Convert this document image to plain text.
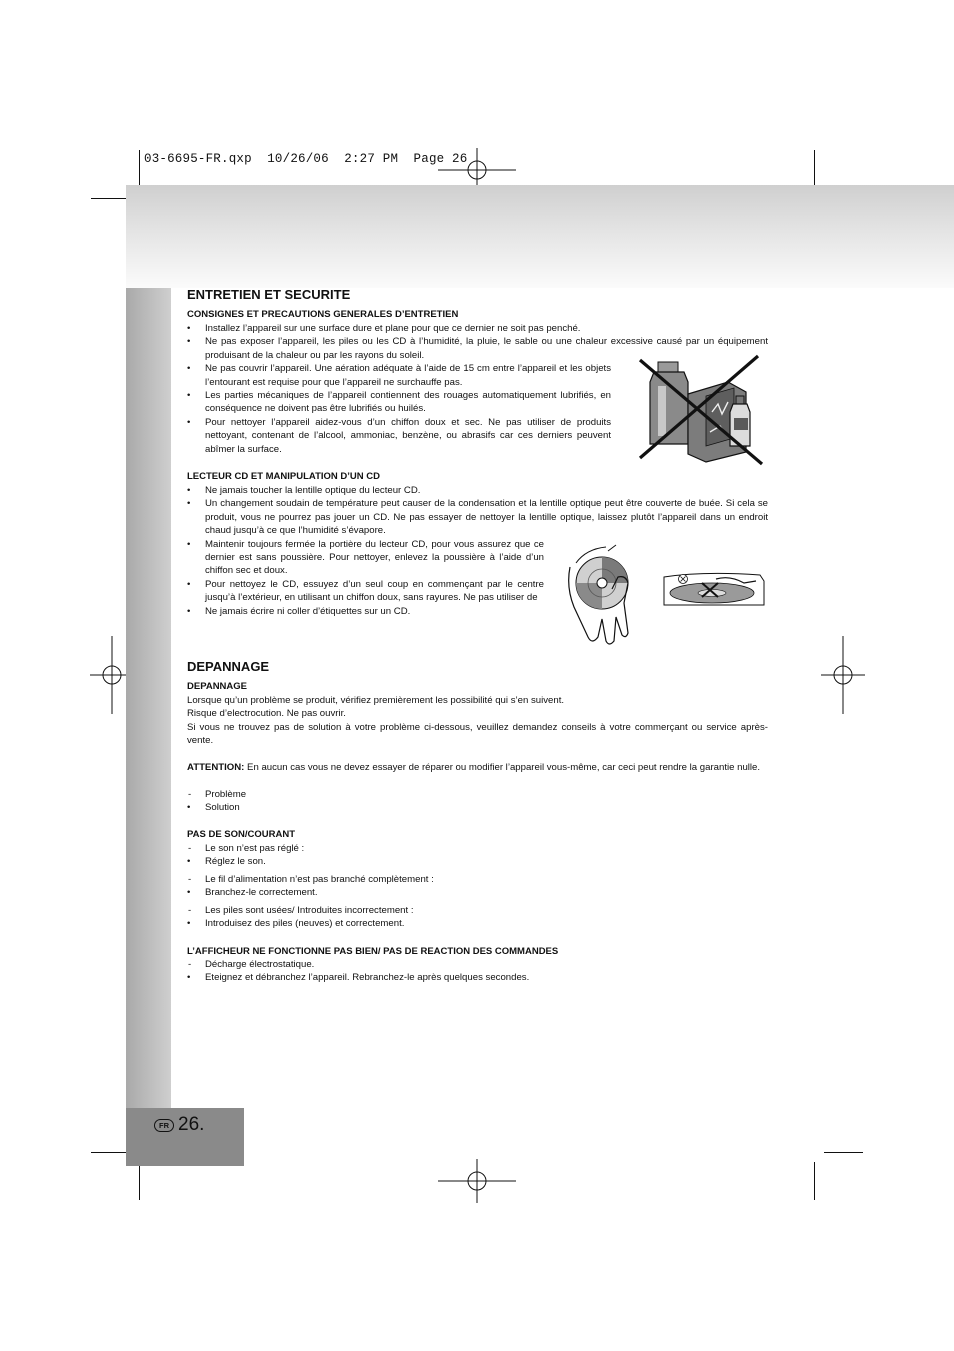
03-6695-FR.qxp  10/26/06  2:27 PM  Page 26
FR 26.
ENTRETIEN ET SECURITE
CONSIGNES ET PRECAUTIONS GENERALES D’ENTRETIEN
• Installez l’appareil sur une surface dure et plane pour que ce dernier ne soit pas penché.
• Ne pas exposer l’appareil, les piles ou les CD à l’humidité, la pluie, le sable ou une chaleur excessive causé par un équipement produisant de la chaleur ou par les rayons du soleil.
• Ne pas couvrir l’appareil. Une aération adéquate à l’aide de 15 cm entre l’appareil et les objets l’entourant est requise pour que l’appareil ne surchauffe pas.
• Les parties mécaniques de l’appareil contiennent des rouages automatiquement lubrifiés, en conséquence ne doivent pas être lubrifiés ou huilés.
• Pour nettoyer l’appareil aidez-vous d’un chiffon doux et sec. Ne pas utiliser de produits nettoyant, contenant de l’alcool, ammoniac, benzène, ou abrasifs car ces derniers peuvent abîmer la surface.
LECTEUR CD ET MANIPULATION D’UN CD
• Ne jamais toucher la lentille optique du lecteur CD.
• Un changement soudain de température peut causer de la condensation et la lentille optique peut être couverte de buée. Si cela se produit, vous ne pourrez pas jouer un CD. Ne pas essayer de nettoyer la lentille optique, laissez plutôt l’appareil dans un endroit chaud jusqu’à ce que l’humidité s’évapore.
• Maintenir toujours fermée la portière du lecteur CD, pour vous assurez que ce dernier est sans poussière. Pour nettoyer, enlevez la poussière à l’aide d’un chiffon sec et doux.
• Pour nettoyez le CD, essuyez d’un seul coup en commençant par le centre jusqu’à l’extérieur, en utilisant un chiffon doux, sans rayures. Ne pas utiliser de
• Ne jamais écrire ni coller d’étiquettes sur un CD.
DEPANNAGE
DEPANNAGE

Lorsque qu’un problème se produit, vérifiez premièrement les possibilité qui s’en suivent.

Risque d’electrocution. Ne pas ouvrir.

Si vous ne trouvez pas de solution à votre problème ci-dessous, veuillez demandez conseils à votre commerçant ou service après-vente.

ATTENTION: En aucun cas vous ne devez essayer de réparer ou modifier l’appareil vous-même, car ceci peut rendre la garantie nulle.

- Problème
• Solution
PAS DE SON/COURANT
- Le son n’est pas réglé :
• Réglez le son.
- Le fil d’alimentation n’est pas branché complètement :
• Branchez-le correctement.
- Les piles sont usées/ Introduites incorrectement :
• Introduisez des piles (neuves) et correctement.
L’AFFICHEUR NE FONCTIONNE PAS BIEN/ PAS DE REACTION DES COMMANDES
- Décharge électrostatique.
• Eteignez et débranchez l’appareil. Rebranchez-le après quelques secondes.
